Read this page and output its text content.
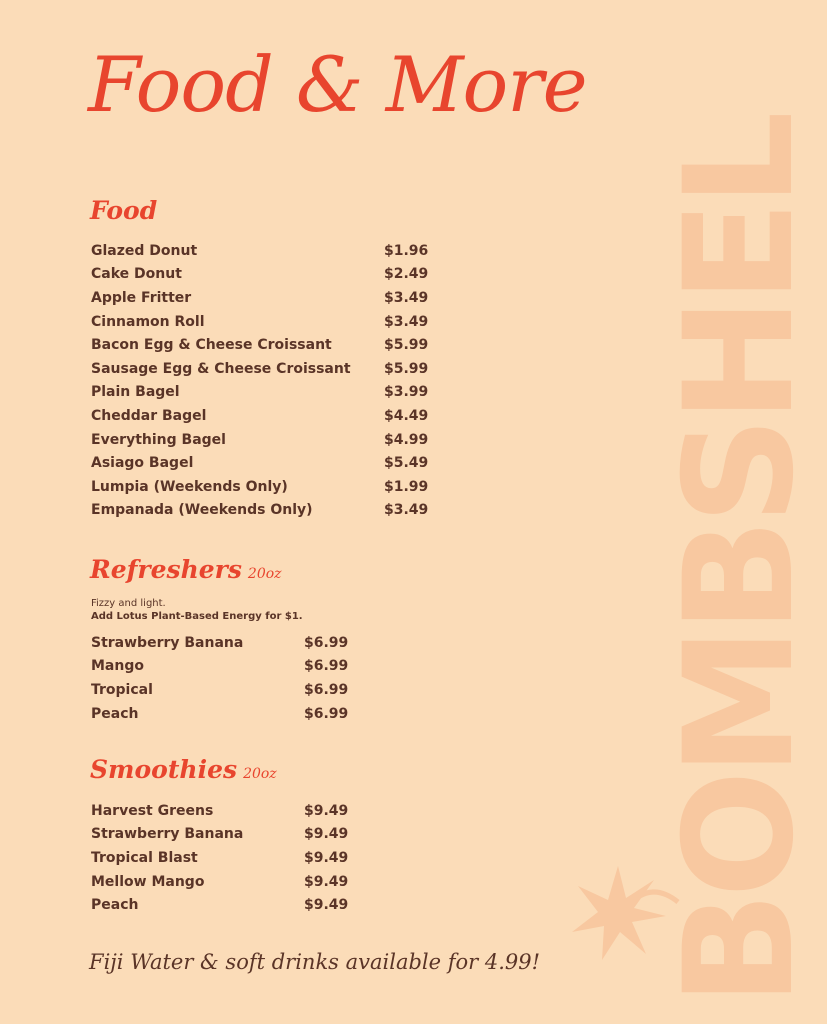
Food & More
BOMBSHEL
Food
Glazed Donut	$1.96
Cake Donut	$2.49
Apple Fritter	$3.49
Cinnamon Roll	$3.49
Bacon Egg & Cheese Croissant	$5.99
Sausage Egg & Cheese Croissant	$5.99
Plain Bagel	$3.99
Cheddar Bagel	$4.49
Everything Bagel	$4.99
Asiago Bagel	$5.49
Lumpia (Weekends Only)	$1.99
Empanada (Weekends Only)	$3.49
Refreshers 20oz
Fizzy and light.
Add Lotus Plant-Based Energy for $1.
Strawberry Banana	$6.99
Mango	$6.99
Tropical	$6.99
Peach	$6.99
Smoothies 20oz
Harvest Greens	$9.49
Strawberry Banana	$9.49
Tropical Blast	$9.49
Mellow Mango	$9.49
Peach	$9.49
Fiji Water & soft drinks available for 4.99!
